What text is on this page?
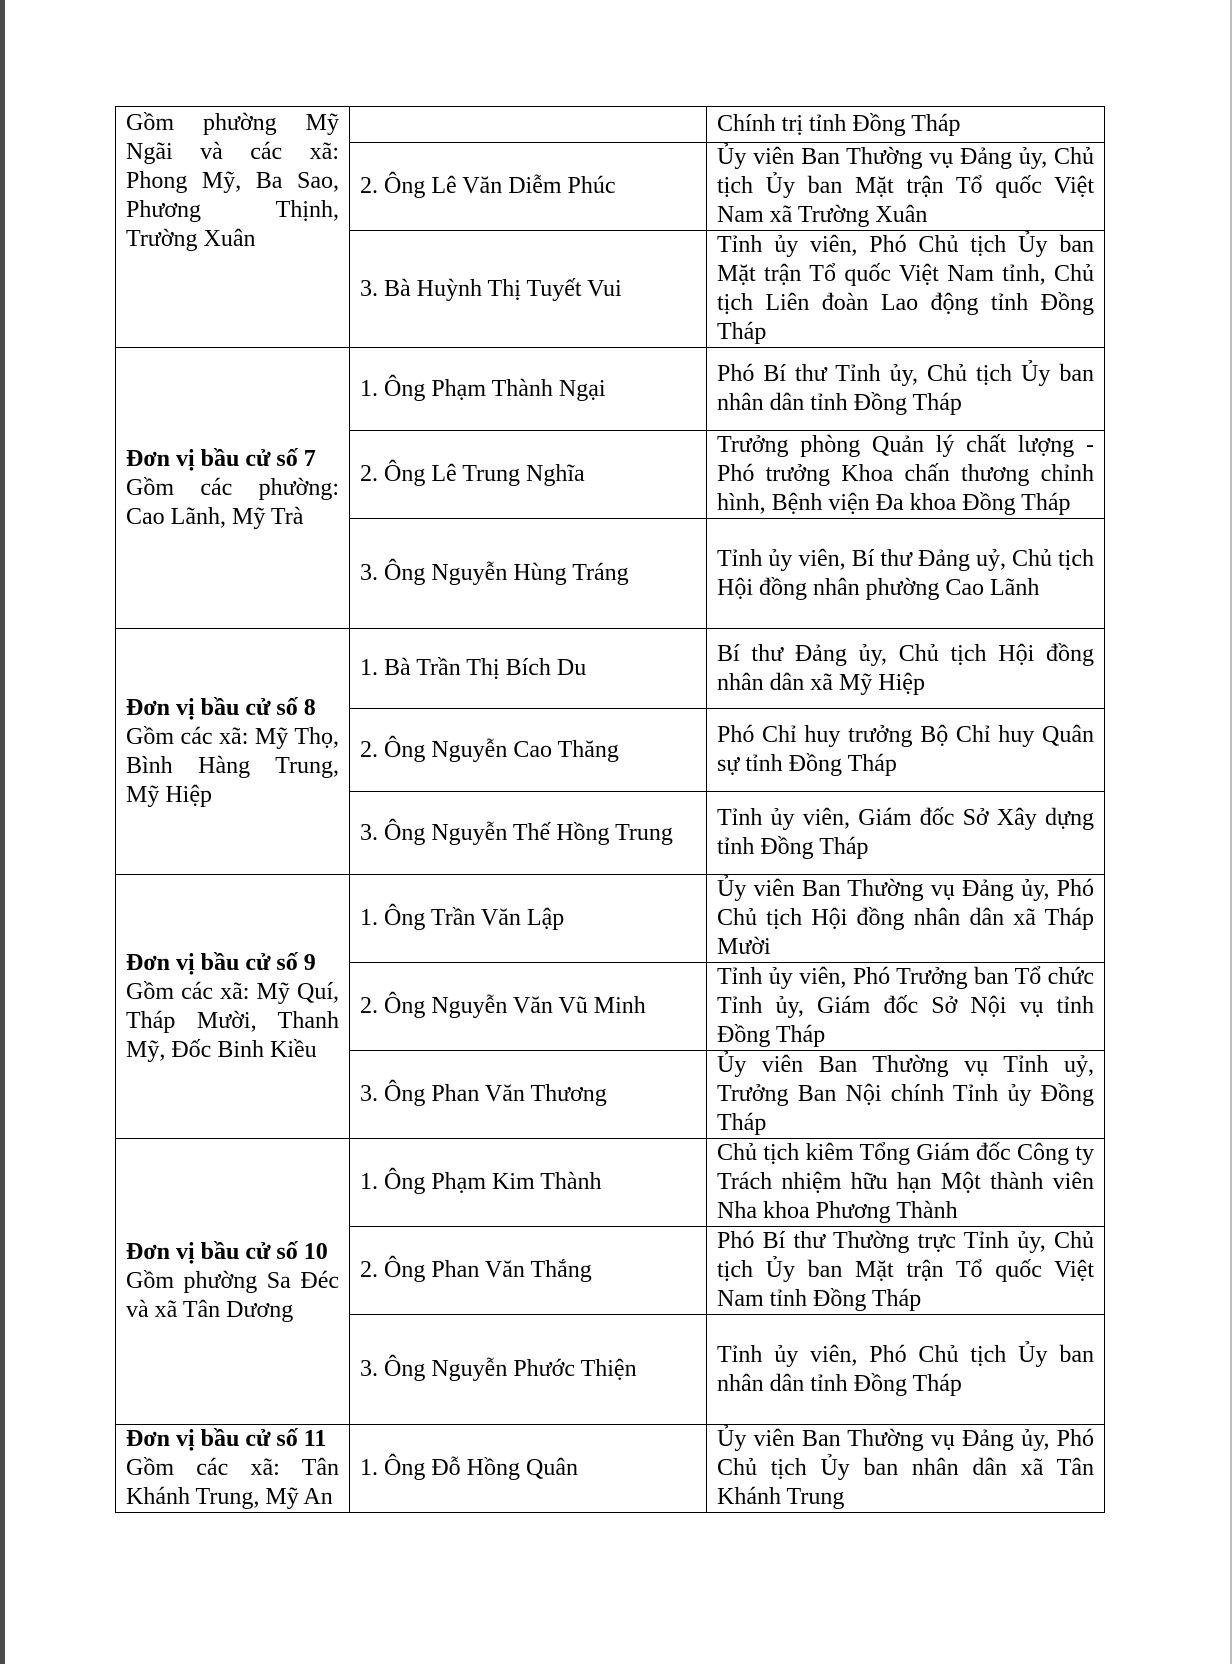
Gồm phường Mỹ Ngãi và các xã: Phong Mỹ, Ba Sao, Phương Thịnh, Trường Xuân		Chính trị tỉnh Đồng Tháp
	2. Ông Lê Văn Diễm Phúc	Ủy viên Ban Thường vụ Đảng ủy, Chủ tịch Ủy ban Mặt trận Tổ quốc Việt Nam xã Trường Xuân
	3. Bà Huỳnh Thị Tuyết Vui	Tỉnh ủy viên, Phó Chủ tịch Ủy ban Mặt trận Tổ quốc Việt Nam tỉnh, Chủ tịch Liên đoàn Lao động tỉnh Đồng Tháp

Đơn vị bầu cử số 7
Gồm các phường: Cao Lãnh, Mỹ Trà	1. Ông Phạm Thành Ngại	Phó Bí thư Tỉnh ủy, Chủ tịch Ủy ban nhân dân tỉnh Đồng Tháp
	2. Ông Lê Trung Nghĩa	Trưởng phòng Quản lý chất lượng - Phó trưởng Khoa chấn thương chỉnh hình, Bệnh viện Đa khoa Đồng Tháp
	3. Ông Nguyễn Hùng Tráng	Tỉnh ủy viên, Bí thư Đảng uỷ, Chủ tịch Hội đồng nhân phường Cao Lãnh

Đơn vị bầu cử số 8
Gồm các xã: Mỹ Thọ, Bình Hàng Trung, Mỹ Hiệp	1. Bà Trần Thị Bích Du	Bí thư Đảng ủy, Chủ tịch Hội đồng nhân dân xã Mỹ Hiệp
	2. Ông Nguyễn Cao Thăng	Phó Chỉ huy trưởng Bộ Chỉ huy Quân sự tỉnh Đồng Tháp
	3. Ông Nguyễn Thế Hồng Trung	Tỉnh ủy viên, Giám đốc Sở Xây dựng tỉnh Đồng Tháp

Đơn vị bầu cử số 9
Gồm các xã: Mỹ Quí, Tháp Mười, Thanh Mỹ, Đốc Binh Kiều	1. Ông Trần Văn Lập	Ủy viên Ban Thường vụ Đảng ủy, Phó Chủ tịch Hội đồng nhân dân xã Tháp Mười
	2. Ông Nguyễn Văn Vũ Minh	Tỉnh ủy viên, Phó Trưởng ban Tổ chức Tỉnh ủy, Giám đốc Sở Nội vụ tỉnh Đồng Tháp
	3. Ông Phan Văn Thương	Ủy viên Ban Thường vụ Tỉnh uỷ, Trưởng Ban Nội chính Tỉnh ủy Đồng Tháp

Đơn vị bầu cử số 10
Gồm phường Sa Đéc và xã Tân Dương	1. Ông Phạm Kim Thành	Chủ tịch kiêm Tổng Giám đốc Công ty Trách nhiệm hữu hạn Một thành viên Nha khoa Phương Thành
	2. Ông Phan Văn Thắng	Phó Bí thư Thường trực Tỉnh ủy, Chủ tịch Ủy ban Mặt trận Tổ quốc Việt Nam tỉnh Đồng Tháp
	3. Ông Nguyễn Phước Thiện	Tỉnh ủy viên, Phó Chủ tịch Ủy ban nhân dân tỉnh Đồng Tháp

Đơn vị bầu cử số 11
Gồm các xã: Tân Khánh Trung, Mỹ An	1. Ông Đỗ Hồng Quân	Ủy viên Ban Thường vụ Đảng ủy, Phó Chủ tịch Ủy ban nhân dân xã Tân Khánh Trung
